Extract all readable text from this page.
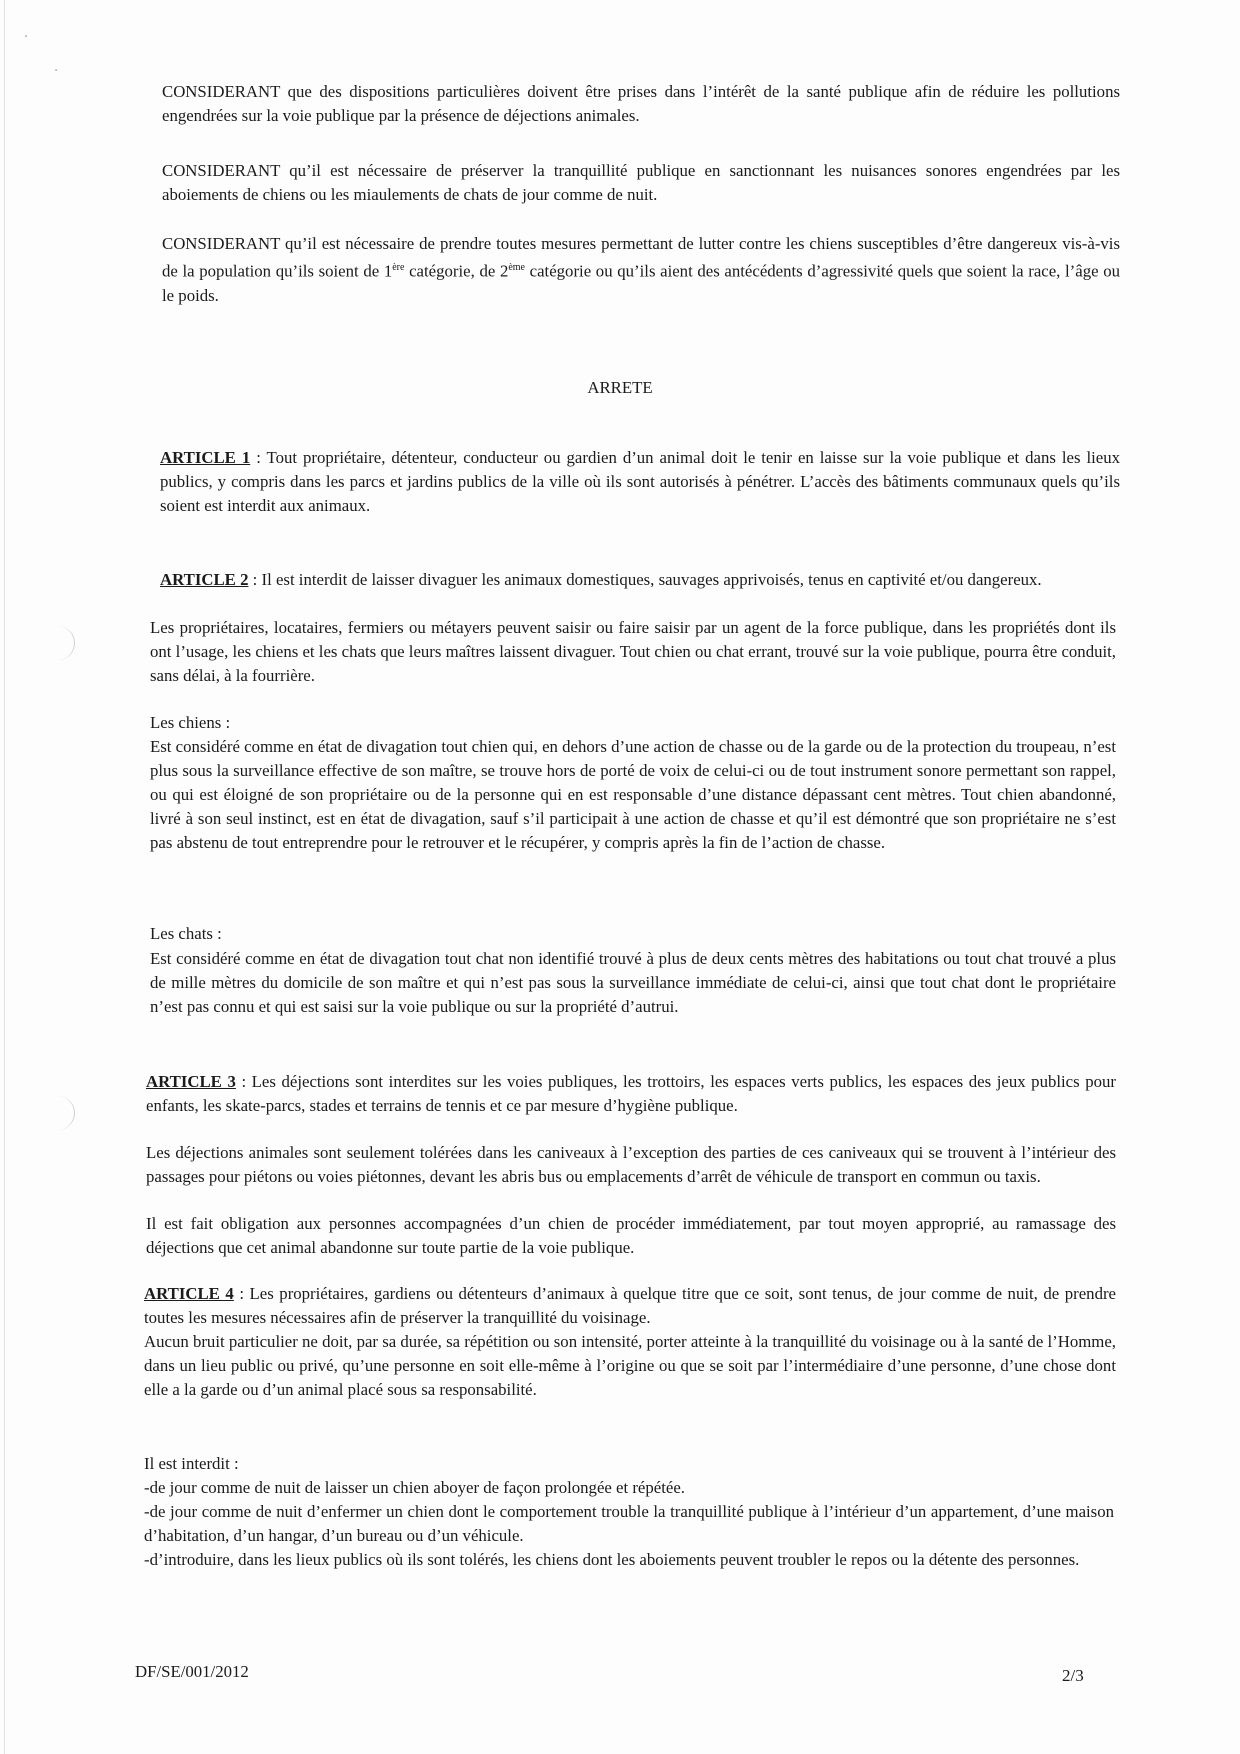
·
·

CONSIDERANT que des dispositions particulières doivent être prises dans l’intérêt de la santé publique afin de réduire les pollutions engendrées sur la voie publique par la présence de déjections animales.

CONSIDERANT qu’il est nécessaire de préserver la tranquillité publique en sanctionnant les nuisances sonores engendrées par les aboiements de chiens ou les miaulements de chats de jour comme de nuit.

CONSIDERANT qu’il est nécessaire de prendre toutes mesures permettant de lutter contre les chiens susceptibles d’être dangereux vis-à-vis de la population qu’ils soient de 1ère catégorie, de 2ème catégorie ou qu’ils aient des antécédents d’agressivité quels que soient la race, l’âge ou le poids.

ARRETE

ARTICLE 1 : Tout propriétaire, détenteur, conducteur ou gardien d’un animal doit le tenir en laisse sur la voie publique et dans les lieux publics, y compris dans les parcs et jardins publics de la ville où ils sont autorisés à pénétrer. L’accès des bâtiments communaux quels qu’ils soient est interdit aux animaux.

ARTICLE 2 : Il est interdit de laisser divaguer les animaux domestiques, sauvages apprivoisés, tenus en captivité et/ou dangereux.

Les propriétaires, locataires, fermiers ou métayers peuvent saisir ou faire saisir par un agent de la force publique, dans les propriétés dont ils ont l’usage, les chiens et les chats que leurs maîtres laissent divaguer. Tout chien ou chat errant, trouvé sur la voie publique, pourra être conduit, sans délai, à la fourrière.

Les chiens :

Est considéré comme en état de divagation tout chien qui, en dehors d’une action de chasse ou de la garde ou de la protection du troupeau, n’est plus sous la surveillance effective de son maître, se trouve hors de porté de voix de celui-ci ou de tout instrument sonore permettant son rappel, ou qui est éloigné de son propriétaire ou de la personne qui en est responsable d’une distance dépassant cent mètres. Tout chien abandonné, livré à son seul instinct, est en état de divagation, sauf s’il participait à une action de chasse et qu’il est démontré que son propriétaire ne s’est pas abstenu de tout entreprendre pour le retrouver et le récupérer, y compris après la fin de l’action de chasse.

Les chats :

Est considéré comme en état de divagation tout chat non identifié trouvé à plus de deux cents mètres des habitations ou tout chat trouvé a plus de mille mètres du domicile de son maître et qui n’est pas sous la surveillance immédiate de celui-ci, ainsi que tout chat dont le propriétaire n’est pas connu et qui est saisi sur la voie publique ou sur la propriété d’autrui.

ARTICLE 3 : Les déjections sont interdites sur les voies publiques, les trottoirs, les espaces verts publics, les espaces des jeux publics pour enfants, les skate-parcs, stades et terrains de tennis et ce par mesure d’hygiène publique.

Les déjections animales sont seulement tolérées dans les caniveaux à l’exception des parties de ces caniveaux qui se trouvent à l’intérieur des passages pour piétons ou voies piétonnes, devant les abris bus ou emplacements d’arrêt de véhicule de transport en commun ou taxis.

Il est fait obligation aux personnes accompagnées d’un chien de procéder immédiatement, par tout moyen approprié, au ramassage des déjections que cet animal abandonne sur toute partie de la voie publique.

ARTICLE 4 : Les propriétaires, gardiens ou détenteurs d’animaux à quelque titre que ce soit, sont tenus, de jour comme de nuit, de prendre toutes les mesures nécessaires afin de préserver la tranquillité du voisinage.

Aucun bruit particulier ne doit, par sa durée, sa répétition ou son intensité, porter atteinte à la tranquillité du voisinage ou à la santé de l’Homme, dans un lieu public ou privé, qu’une personne en soit elle-même à l’origine ou que se soit par l’intermédiaire d’une personne, d’une chose dont elle a la garde ou d’un animal placé sous sa responsabilité.

Il est interdit :

-de jour comme de nuit de laisser un chien aboyer de façon prolongée et répétée.
-de jour comme de nuit d’enfermer un chien dont le comportement trouble la tranquillité publique à l’intérieur d’un appartement, d’une maison d’habitation, d’un hangar, d’un bureau ou d’un véhicule.
-d’introduire, dans les lieux publics où ils sont tolérés, les chiens dont les aboiements peuvent troubler le repos ou la détente des personnes.

DF/SE/001/2012	2/3
